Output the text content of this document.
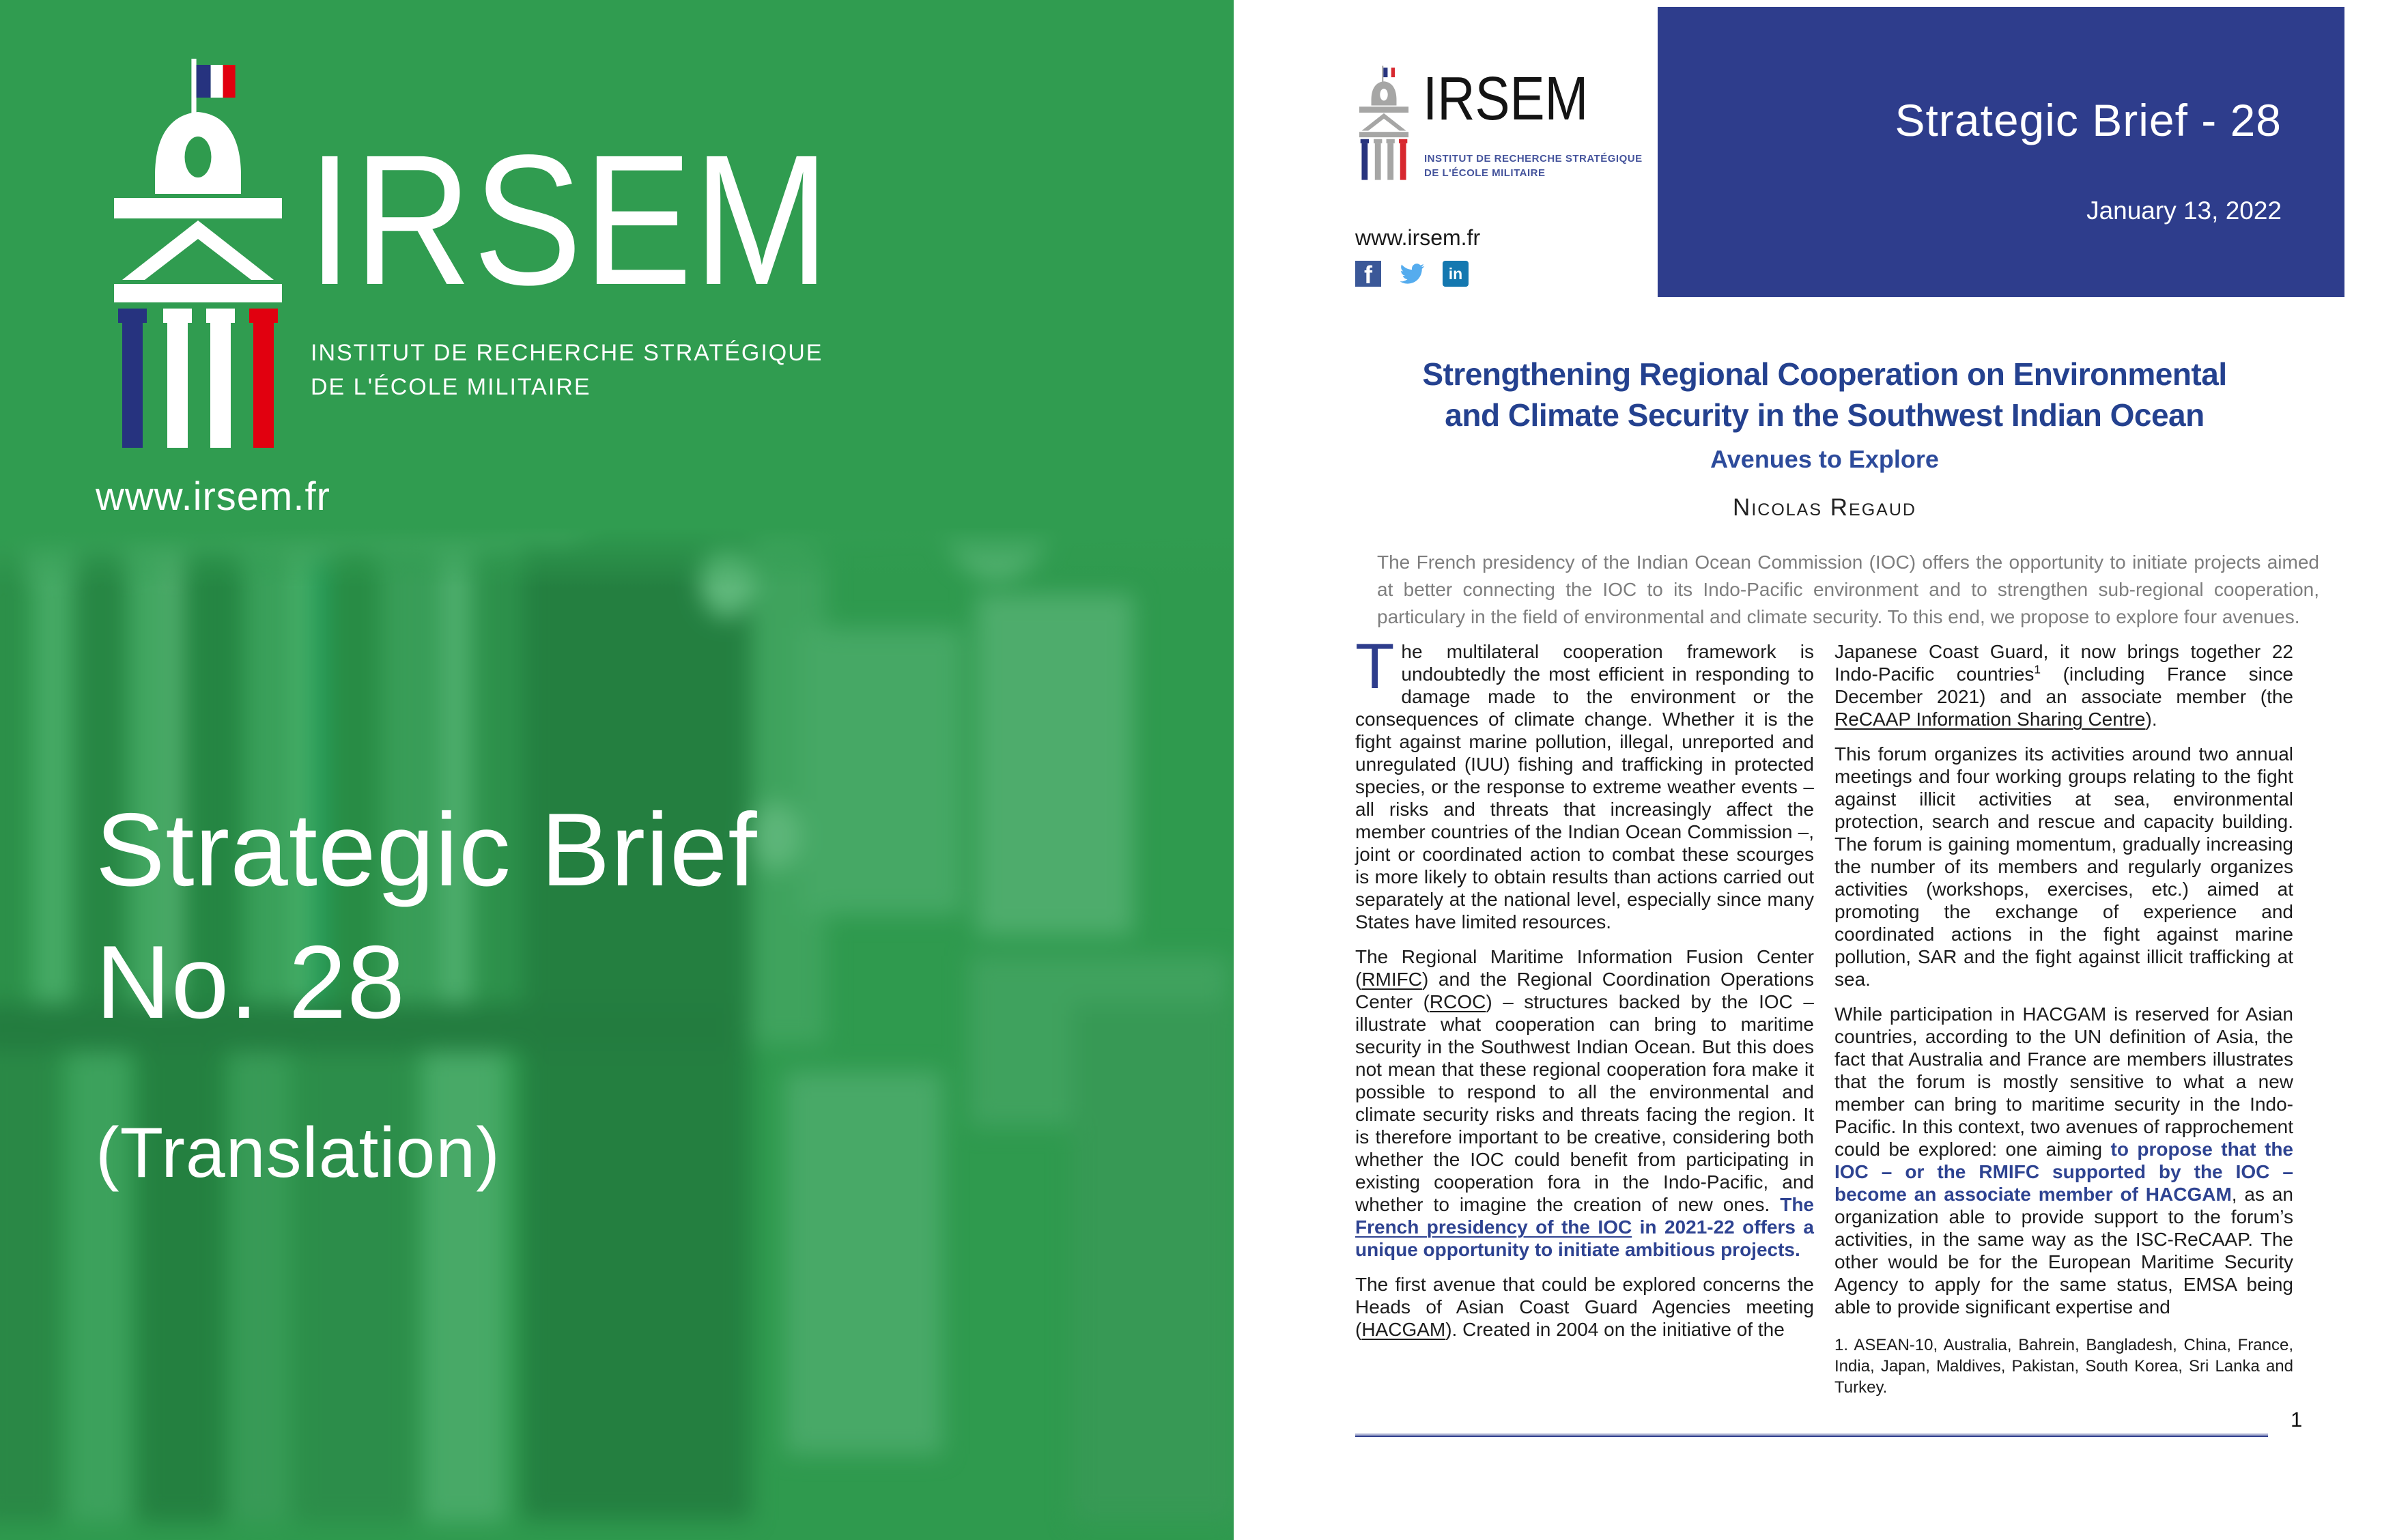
IRSEM
INSTITUT DE RECHERCHE STRATÉGIQUE
DE L'ÉCOLE MILITAIRE
www.irsem.fr
Strategic Brief
No. 28
(Translation)
Strategic Brief - 28
January 13, 2022
IRSEM
INSTITUT DE RECHERCHE STRATÉGIQUE
DE L'ÉCOLE MILITAIRE
www.irsem.fr
f	in
Strengthening Regional Cooperation on Environmental
and Climate Security in the Southwest Indian Ocean
Avenues to Explore
Nicolas Regaud
The French presidency of the Indian Ocean Commission (IOC) offers the opportunity to initiate projects aimed at better connecting the IOC to its Indo-Pacific environment and to strengthen sub-regional cooperation, particulary in the field of environmental and climate security. To this end, we propose to explore four avenues.

The multilateral cooperation framework is undoubtedly the most efficient in responding to damage made to the environment or the consequences of climate change. Whether it is the fight against marine pollution, illegal, unreported and unregulated (IUU) fishing and trafficking in protected species, or the response to extreme weather events – all risks and threats that increasingly affect the member countries of the Indian Ocean Commission –, joint or coordinated action to combat these scourges is more likely to obtain results than actions carried out separately at the national level, especially since many States have limited resources.

The Regional Maritime Information Fusion Center (RMIFC) and the Regional Coordination Operations Center (RCOC) – structures backed by the IOC – illustrate what cooperation can bring to maritime security in the Southwest Indian Ocean. But this does not mean that these regional cooperation fora make it possible to respond to all the environmental and climate security risks and threats facing the region. It is therefore important to be creative, considering both whether the IOC could benefit from participating in existing cooperation fora in the Indo-Pacific, and whether to imagine the creation of new ones. The French presidency of the IOC in 2021-22 offers a unique opportunity to initiate ambitious projects.

The first avenue that could be explored concerns the Heads of Asian Coast Guard Agencies meeting (HACGAM). Created in 2004 on the initiative of the

Japanese Coast Guard, it now brings together 22 Indo-Pacific countries$^1$ (including France since December 2021) and an associate member (the ReCAAP Information Sharing Centre).

This forum organizes its activities around two annual meetings and four working groups relating to the fight against illicit activities at sea, environmental protection, search and rescue and capacity building. The forum is gaining momentum, gradually increasing the number of its members and regularly organizes activities (workshops, exercises, etc.) aimed at promoting the exchange of experience and coordinated actions in the fight against marine pollution, SAR and the fight against illicit trafficking at sea.

While participation in HACGAM is reserved for Asian countries, according to the UN definition of Asia, the fact that Australia and France are members illustrates that the forum is mostly sensitive to what a new member can bring to maritime security in the Indo-Pacific. In this context, two avenues of rapprochement could be explored: one aiming to propose that the IOC – or the RMIFC supported by the IOC – become an associate member of HACGAM, as an organization able to provide support to the forum’s activities, in the same way as the ISC-ReCAAP. The other would be for the European Maritime Security Agency to apply for the same status, EMSA being able to provide significant expertise and

1. ASEAN-10, Australia, Bahrein, Bangladesh, China, France, India, Japan, Maldives, Pakistan, South Korea, Sri Lanka and Turkey.
1
